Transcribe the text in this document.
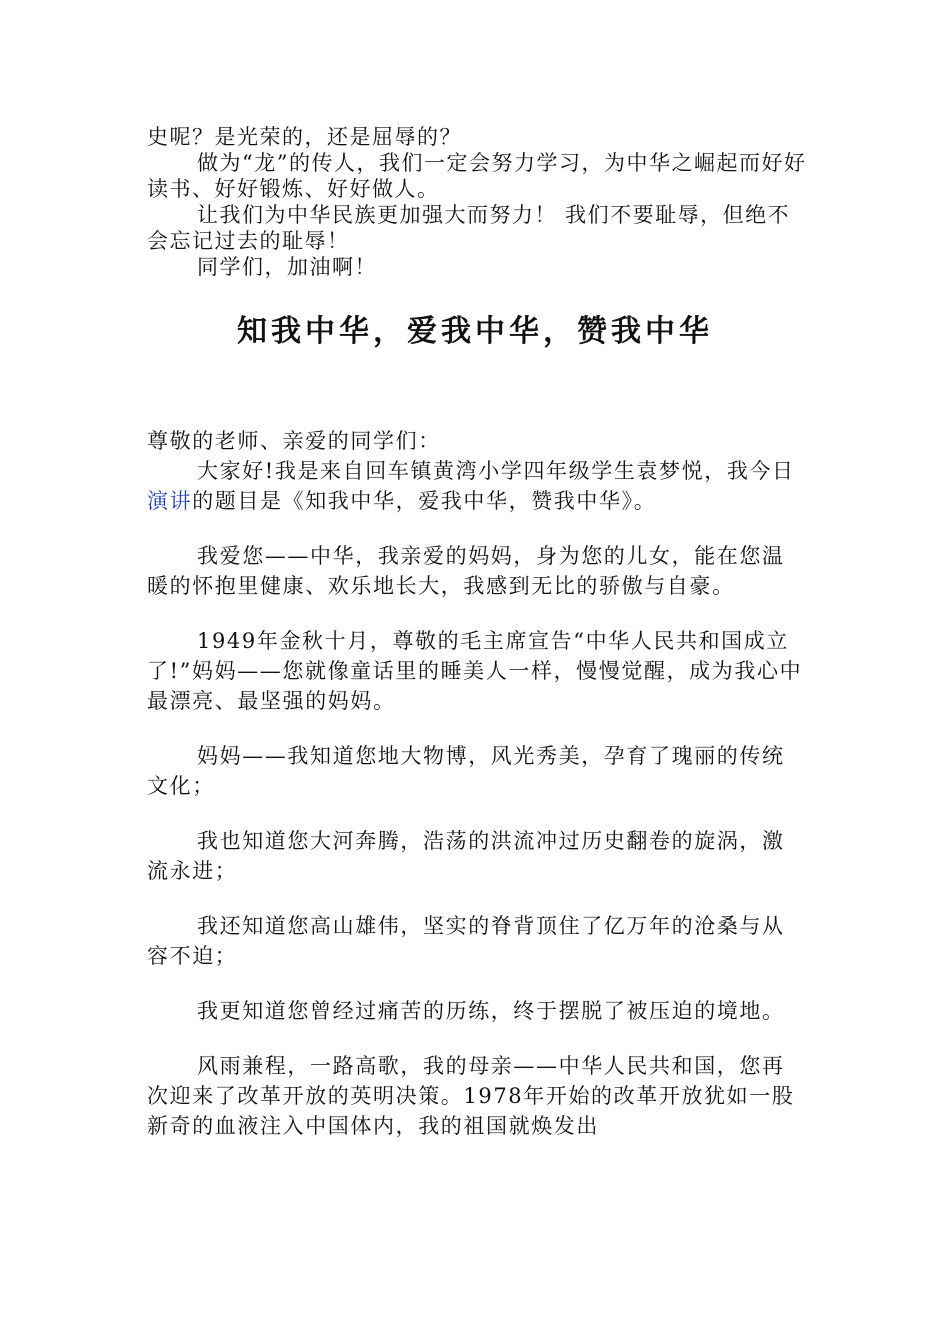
史呢？是光荣的，还是屈辱的？

做为“龙”的传人，我们一定会努力学习，为中华之崛起而好好读书、好好锻炼、好好做人。

让我们为中华民族更加强大而努力！ 我们不要耻辱，但绝不会忘记过去的耻辱！

同学们，加油啊！

知我中华，爱我中华，赞我中华

尊敬的老师、亲爱的同学们：

大家好!我是来自回车镇黄湾小学四年级学生袁梦悦，我今日演讲的题目是《知我中华，爱我中华，赞我中华》。

我爱您——中华，我亲爱的妈妈，身为您的儿女，能在您温暖的怀抱里健康、欢乐地长大，我感到无比的骄傲与自豪。

1949年金秋十月，尊敬的毛主席宣告“中华人民共和国成立了!”妈妈——您就像童话里的睡美人一样，慢慢觉醒，成为我心中最漂亮、最坚强的妈妈。

妈妈——我知道您地大物博，风光秀美，孕育了瑰丽的传统文化；

我也知道您大河奔腾，浩荡的洪流冲过历史翻卷的旋涡，激流永进；

我还知道您高山雄伟，坚实的脊背顶住了亿万年的沧桑与从容不迫；

我更知道您曾经过痛苦的历练，终于摆脱了被压迫的境地。

风雨兼程，一路高歌，我的母亲——中华人民共和国，您再次迎来了改革开放的英明决策。1978年开始的改革开放犹如一股新奇的血液注入中国体内，我的祖国就焕发出
